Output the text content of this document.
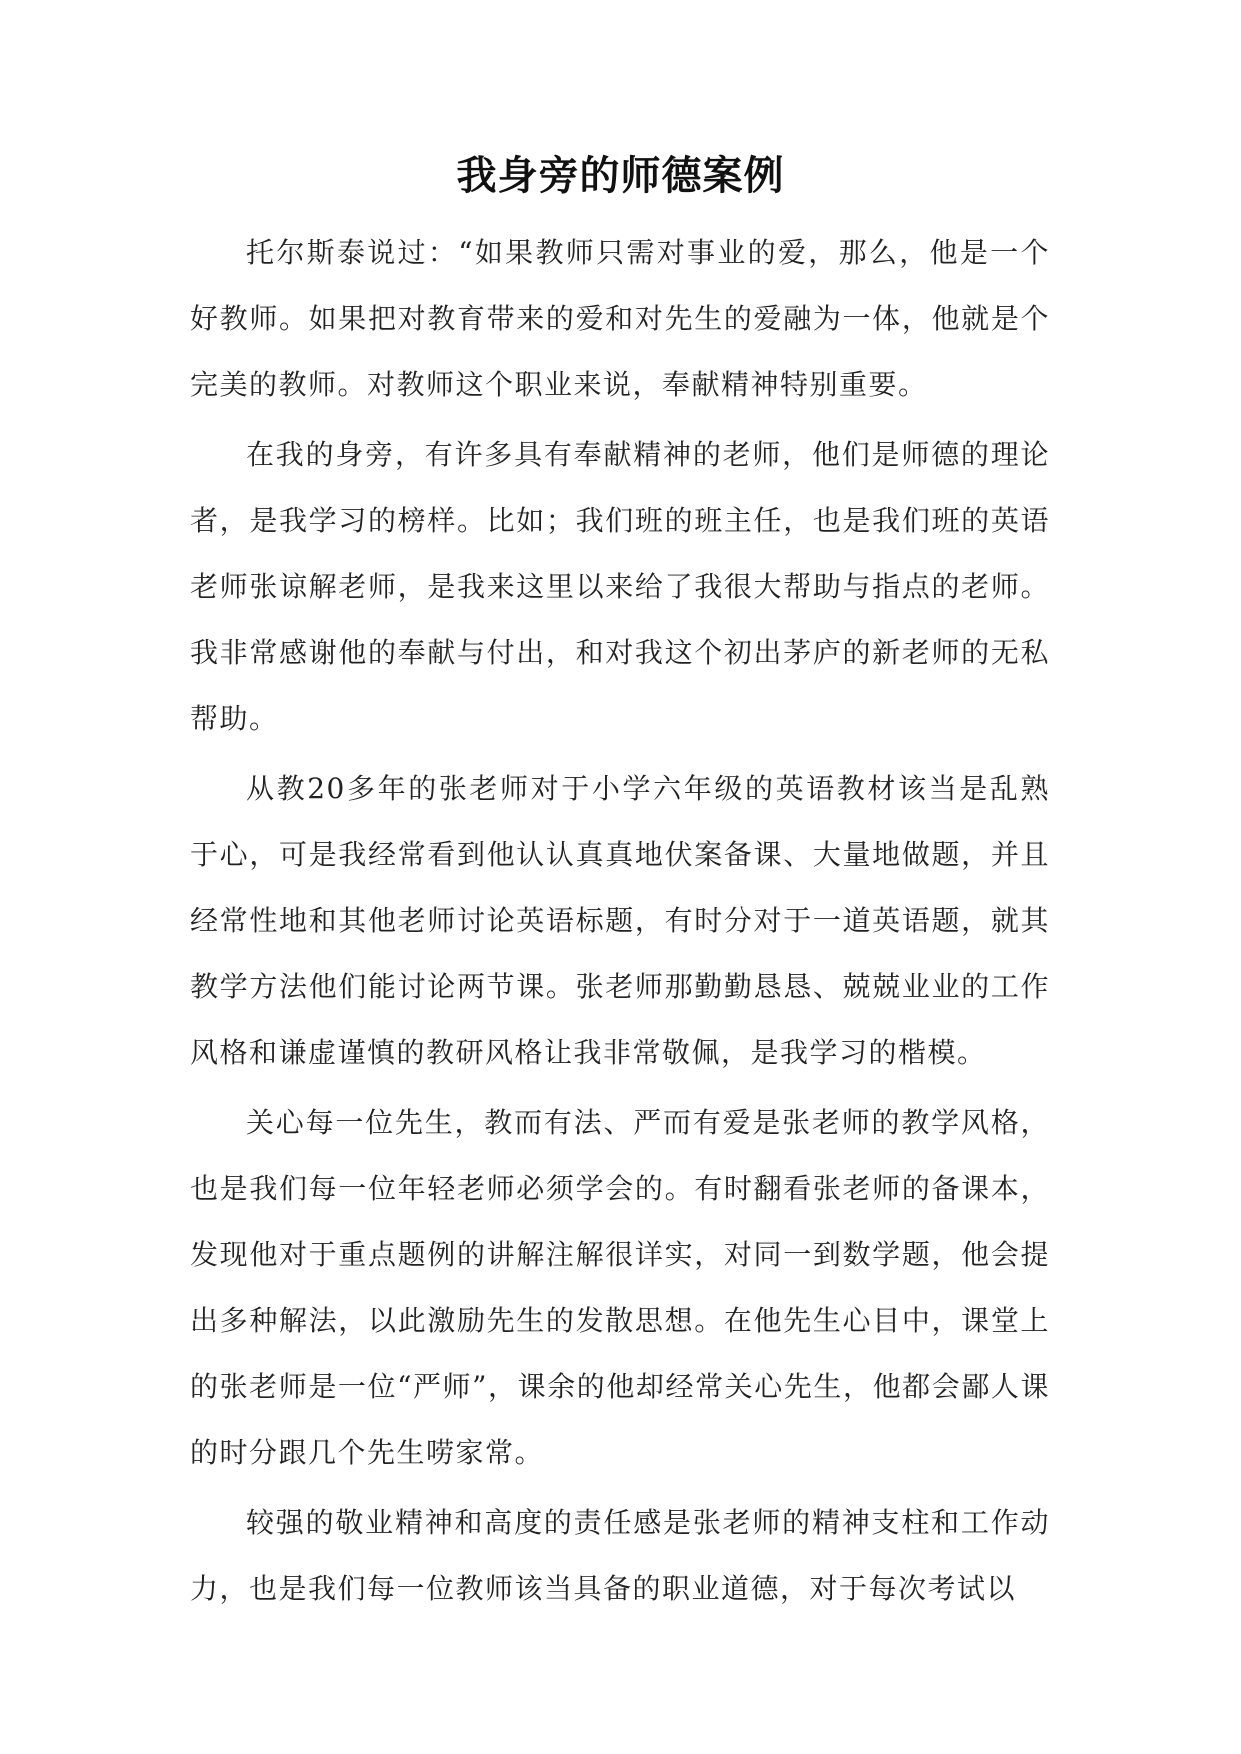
我身旁的师德案例

托尔斯泰说过：“如果教师只需对事业的爱，那么，他是一个好教师。如果把对教育带来的爱和对先生的爱融为一体，他就是个完美的教师。对教师这个职业来说，奉献精神特别重要。

在我的身旁，有许多具有奉献精神的老师，他们是师德的理论者，是我学习的榜样。比如；我们班的班主任，也是我们班的英语老师张谅解老师，是我来这里以来给了我很大帮助与指点的老师。我非常感谢他的奉献与付出，和对我这个初出茅庐的新老师的无私帮助。

从教20多年的张老师对于小学六年级的英语教材该当是乱熟于心，可是我经常看到他认认真真地伏案备课、大量地做题，并且经常性地和其他老师讨论英语标题，有时分对于一道英语题，就其教学方法他们能讨论两节课。张老师那勤勤恳恳、兢兢业业的工作风格和谦虚谨慎的教研风格让我非常敬佩，是我学习的楷模。

关心每一位先生，教而有法、严而有爱是张老师的教学风格，也是我们每一位年轻老师必须学会的。有时翻看张老师的备课本，发现他对于重点题例的讲解注解很详实，对同一到数学题，他会提出多种解法，以此激励先生的发散思想。在他先生心目中，课堂上的张老师是一位“严师”，课余的他却经常关心先生，他都会鄙人课的时分跟几个先生唠家常。

较强的敬业精神和高度的责任感是张老师的精神支柱和工作动力，也是我们每一位教师该当具备的职业道德，对于每次考试以
